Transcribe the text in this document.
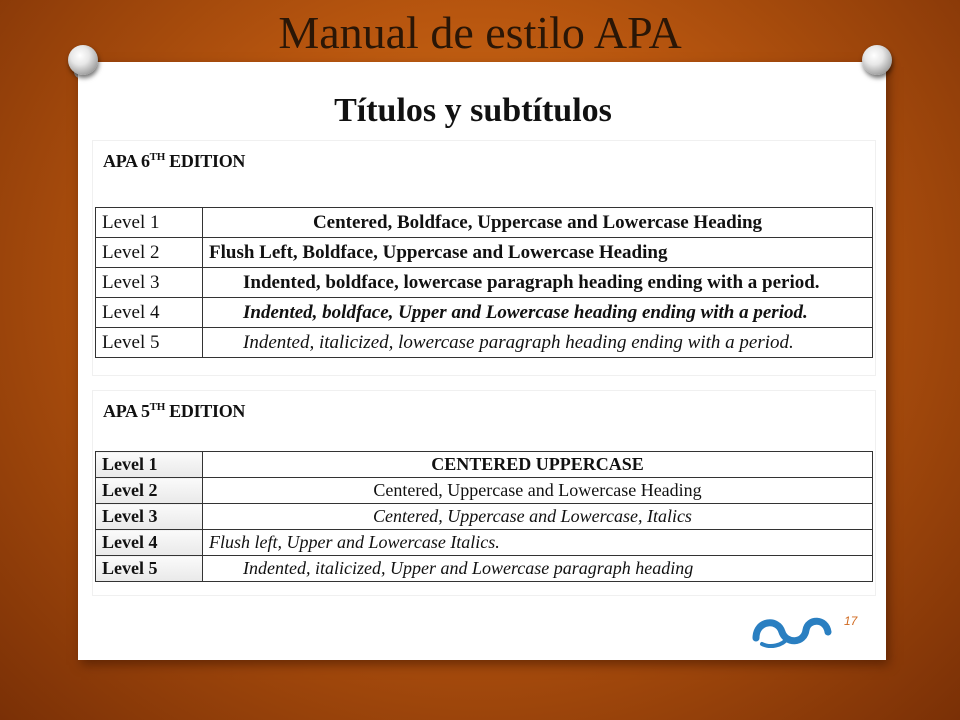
Manual de estilo APA
Títulos y subtítulos
APA 6TH EDITION
Level 1	Centered, Boldface, Uppercase and Lowercase Heading
Level 2	Flush Left, Boldface, Uppercase and Lowercase Heading
Level 3	Indented, boldface, lowercase paragraph heading ending with a period.
Level 4	Indented, boldface, Upper and Lowercase heading ending with a period.
Level 5	Indented, italicized, lowercase paragraph heading ending with a period.
APA 5TH EDITION
Level 1	CENTERED UPPERCASE
Level 2	Centered, Uppercase and Lowercase Heading
Level 3	Centered, Uppercase and Lowercase, Italics
Level 4	Flush left, Upper and Lowercase Italics.
Level 5	Indented, italicized, Upper and Lowercase paragraph heading
17
